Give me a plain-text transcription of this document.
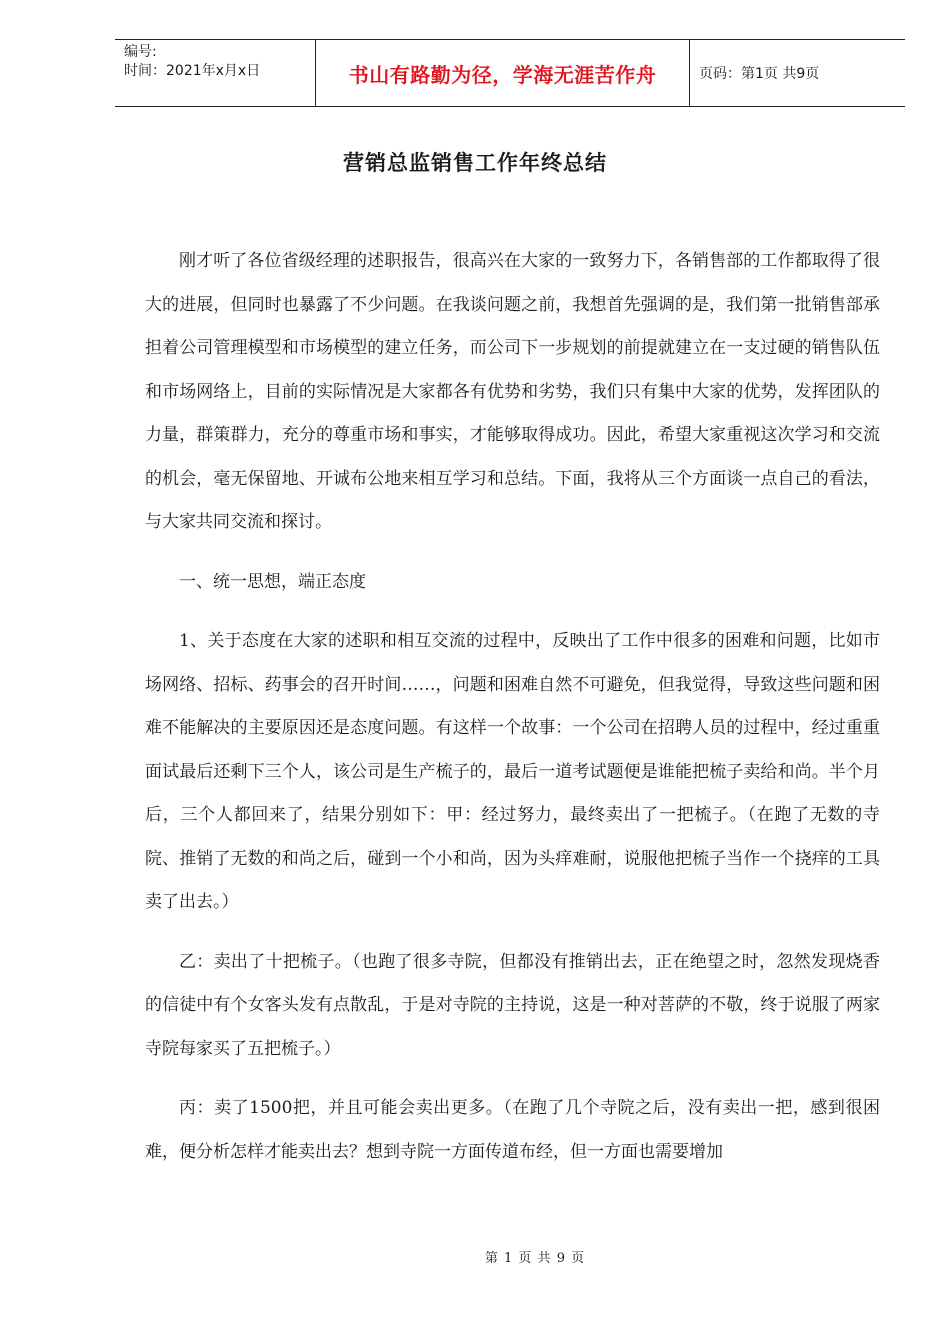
编号:
时间：2021年x月x日	书山有路勤为径，学海无涯苦作舟	页码：第1页 共9页
营销总监销售工作年终总结

刚才听了各位省级经理的述职报告，很高兴在大家的一致努力下，各销售部的工作都取得了很大的进展，但同时也暴露了不少问题。在我谈问题之前，我想首先强调的是，我们第一批销售部承担着公司管理模型和市场模型的建立任务，而公司下一步规划的前提就建立在一支过硬的销售队伍和市场网络上，目前的实际情况是大家都各有优势和劣势，我们只有集中大家的优势，发挥团队的力量，群策群力，充分的尊重市场和事实，才能够取得成功。因此，希望大家重视这次学习和交流的机会，毫无保留地、开诚布公地来相互学习和总结。下面，我将从三个方面谈一点自己的看法，与大家共同交流和探讨。

一、统一思想，端正态度

1、关于态度在大家的述职和相互交流的过程中，反映出了工作中很多的困难和问题，比如市场网络、招标、药事会的召开时间……，问题和困难自然不可避免，但我觉得，导致这些问题和困难不能解决的主要原因还是态度问题。有这样一个故事：一个公司在招聘人员的过程中，经过重重面试最后还剩下三个人，该公司是生产梳子的，最后一道考试题便是谁能把梳子卖给和尚。半个月后，三个人都回来了，结果分别如下：甲：经过努力，最终卖出了一把梳子。（在跑了无数的寺院、推销了无数的和尚之后，碰到一个小和尚，因为头痒难耐，说服他把梳子当作一个挠痒的工具卖了出去。）

乙：卖出了十把梳子。（也跑了很多寺院，但都没有推销出去，正在绝望之时，忽然发现烧香的信徒中有个女客头发有点散乱，于是对寺院的主持说，这是一种对菩萨的不敬，终于说服了两家寺院每家买了五把梳子。）

丙：卖了1500把，并且可能会卖出更多。（在跑了几个寺院之后，没有卖出一把，感到很困难，便分析怎样才能卖出去？想到寺院一方面传道布经，但一方面也需要增加

第 1 页 共 9 页
